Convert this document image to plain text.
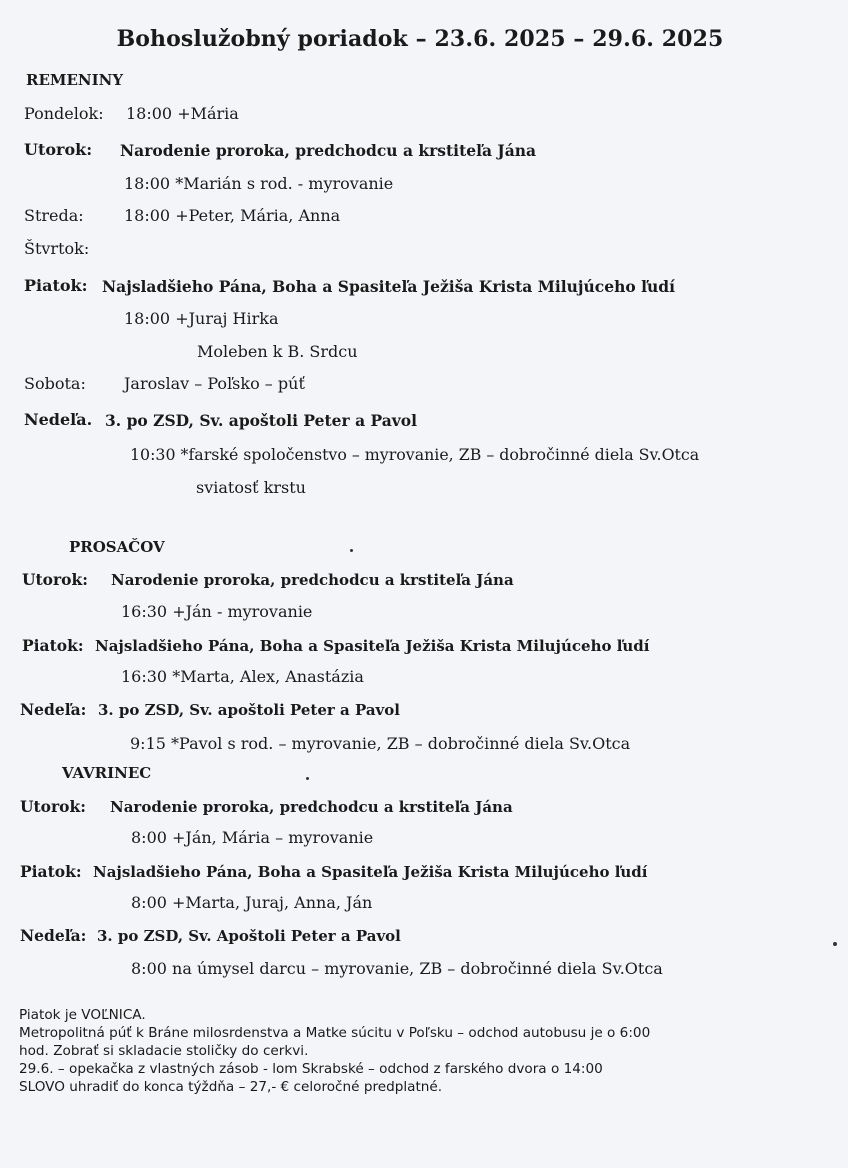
Bohoslužobný poriadok – 23.6. 2025 – 29.6. 2025
REMENINY
Pondelok: 18:00 +Mária
Utorok: Narodenie proroka, predchodcu a krstiteľa Jána
18:00 *Marián s rod. - myrovanie
Streda:	18:00 +Peter, Mária, Anna
Štvrtok:
Piatok: Najsladšieho Pána, Boha a Spasiteľa Ježiša Krista Milujúceho ľudí
18:00 +Juraj Hirka
Moleben k B. Srdcu
Sobota: Jaroslav – Poľsko – púť
Nedeľa. 3. po ZSD, Sv. apoštoli Peter a Pavol
10:30 *farské spoločenstvo – myrovanie, ZB – dobročinné diela Sv.Otca
sviatosť krstu
PROSAČOV
Utorok: Narodenie proroka, predchodcu a krstiteľa Jána
16:30 +Ján - myrovanie
Piatok: Najsladšieho Pána, Boha a Spasiteľa Ježiša Krista Milujúceho ľudí
16:30 *Marta, Alex, Anastázia
Nedeľa: 3. po ZSD, Sv. apoštoli Peter a Pavol
9:15 *Pavol s rod. – myrovanie, ZB – dobročinné diela Sv.Otca
VAVRINEC
Utorok: Narodenie proroka, predchodcu a krstiteľa Jána
8:00 +Ján, Mária – myrovanie
Piatok: Najsladšieho Pána, Boha a Spasiteľa Ježiša Krista Milujúceho ľudí
8:00 +Marta, Juraj, Anna, Ján
Nedeľa: 3. po ZSD, Sv. Apoštoli Peter a Pavol
8:00 na úmysel darcu – myrovanie, ZB – dobročinné diela Sv.Otca
Piatok je VOĽNICA.
Metropolitná púť k Bráne milosrdenstva a Matke súcitu v Poľsku – odchod autobusu je o 6:00
hod. Zobrať si skladacie stoličky do cerkvi.
29.6. – opekačka z vlastných zásob - lom Skrabské – odchod z farského dvora o 14:00
SLOVO uhradiť do konca týždňa – 27,- € celoročné predplatné.
